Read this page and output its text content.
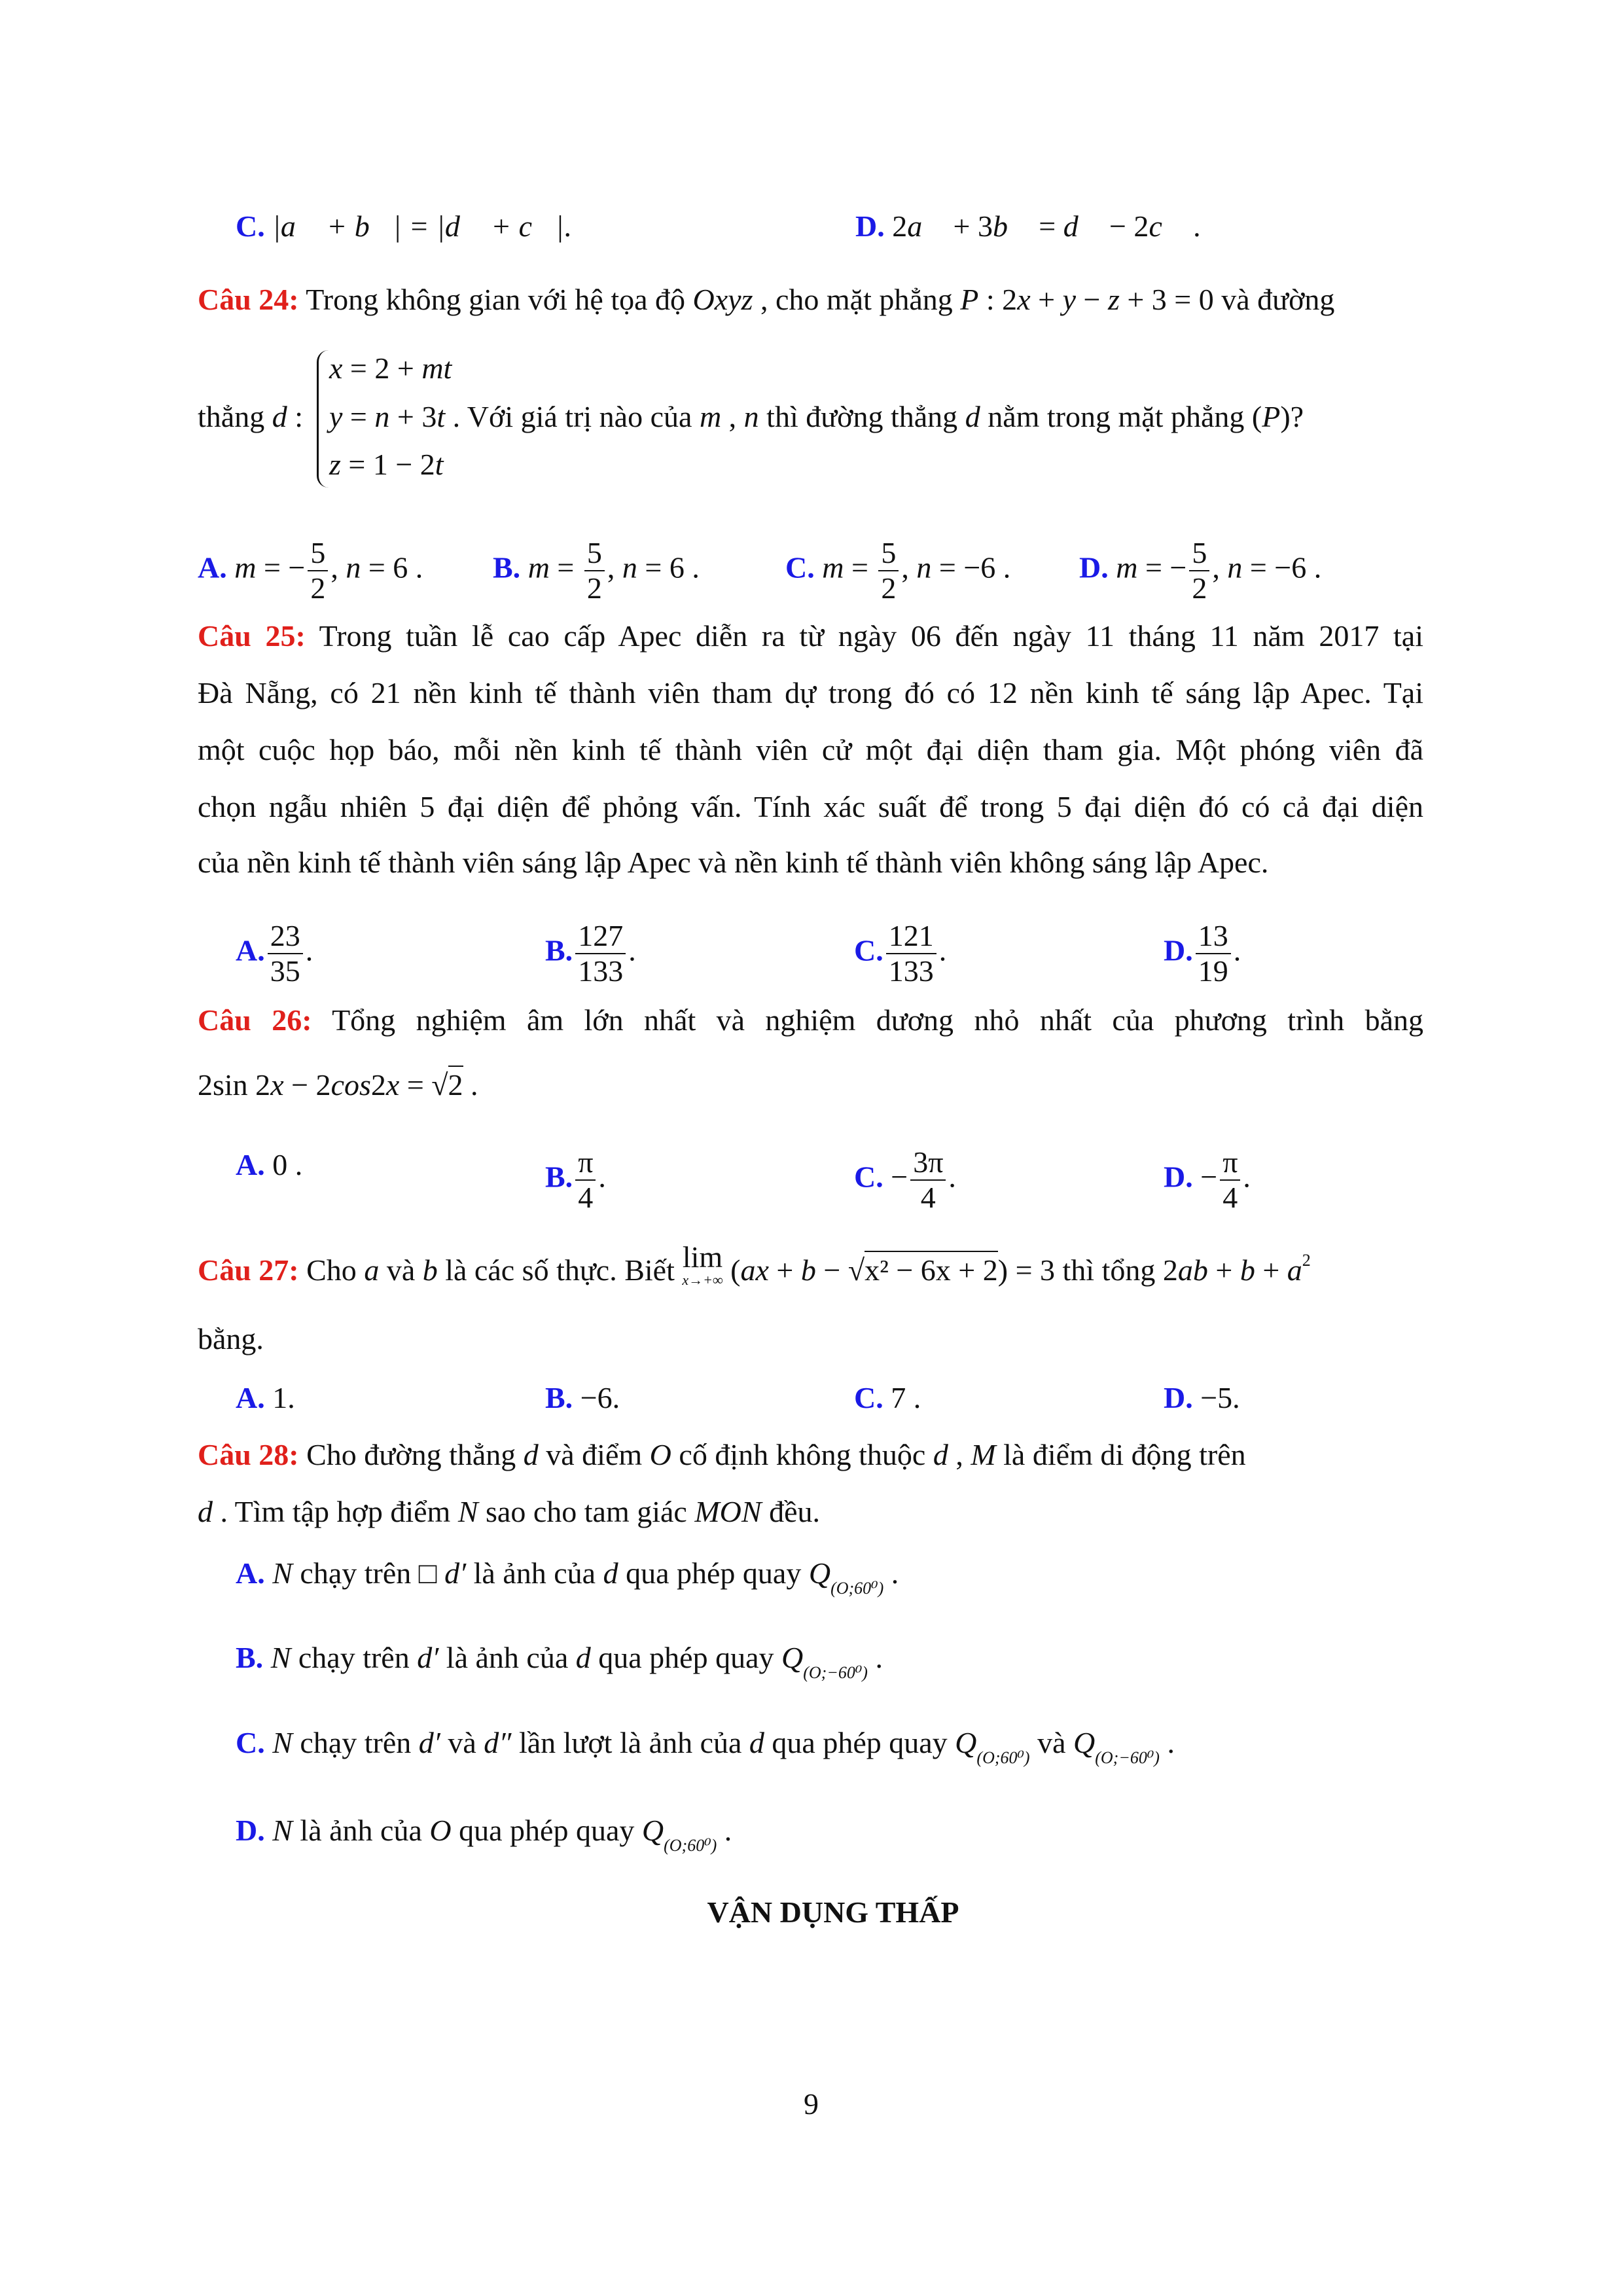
VẬN DỤNG THẤP
9
C. |a⃗ + b⃗| = |d⃗ + c⃗|.	D. 2a⃗ + 3b⃗ = d⃗ − 2c⃗ .
Câu 24: Trong không gian với hệ tọa độ Oxyz , cho mặt phẳng P : 2x + y − z + 3 = 0 và đường
x = 2 + mt
thẳng d : y = n + 3t . Với giá trị nào của m , n thì đường thẳng d nằm trong mặt phẳng (P)?
z = 1 − 2t
A. m = − $\frac{5}{2}$ , n = 6 . B. $m = \frac{5}{2}$ , n = 6 .	C. $m = \frac{5}{2}$ , n = −6 . D. m = − $\frac{5}{2}$ , n = −6 .
Câu 25: Trong tuần lễ cao cấp Apec diễn ra từ ngày 06 đến ngày 11 tháng 11 năm 2017 tại
Đà Nẵng, có 21 nền kinh tế thành viên tham dự trong đó có 12 nền kinh tế sáng lập Apec. Tại
một cuộc họp báo, mỗi nền kinh tế thành viên cử một đại diện tham gia. Một phóng viên đã
chọn ngẫu nhiên 5 đại diện để phỏng vấn. Tính xác suất để trong 5 đại diện đó có cả đại diện
của nền kinh tế thành viên sáng lập Apec và nền kinh tế thành viên không sáng lập Apec.
A. $\frac{23}{35}$ .	B. $\frac{127}{133}$ .	C. $\frac{121}{133}$ .	D. $\frac{13}{19}$ .
Câu 26: Tổng nghiệm âm lớn nhất và nghiệm dương nhỏ nhất của phương trình bằng
2sin 2x − 2cos2x = √2 .
A. 0 .	B. $\frac{\pi}{4}$ .	C. − $\frac{3\pi}{4}$ .	D. − $\frac{\pi}{4}$ .
Câu 27: Cho a và b là các số thực. Biết lim
x→+∞ (ax + b − √x² − 6x + 2) = 3 thì tổng $2ab + b + a^2$
bằng.
A. 1.	B. −6.	C. 7 .	D. −5.
Câu 28: Cho đường thẳng d và điểm O cố định không thuộc d , M là điểm di động trên
d . Tìm tập hợp điểm N sao cho tam giác MON đều.
A. N chạy trên □ d′ là ảnh của d qua phép quay $Q_{(O;60^0)}$ .
B. N chạy trên d′ là ảnh của d qua phép quay $Q_{(O;-60^0)}$ .
C. N chạy trên d′ và d″ lần lượt là ảnh của d qua phép quay $Q_{(O;60^0)}$ và $Q_{(O;-60^0)}$ .
D. N là ảnh của O qua phép quay $Q_{(O;60^0)}$ .
